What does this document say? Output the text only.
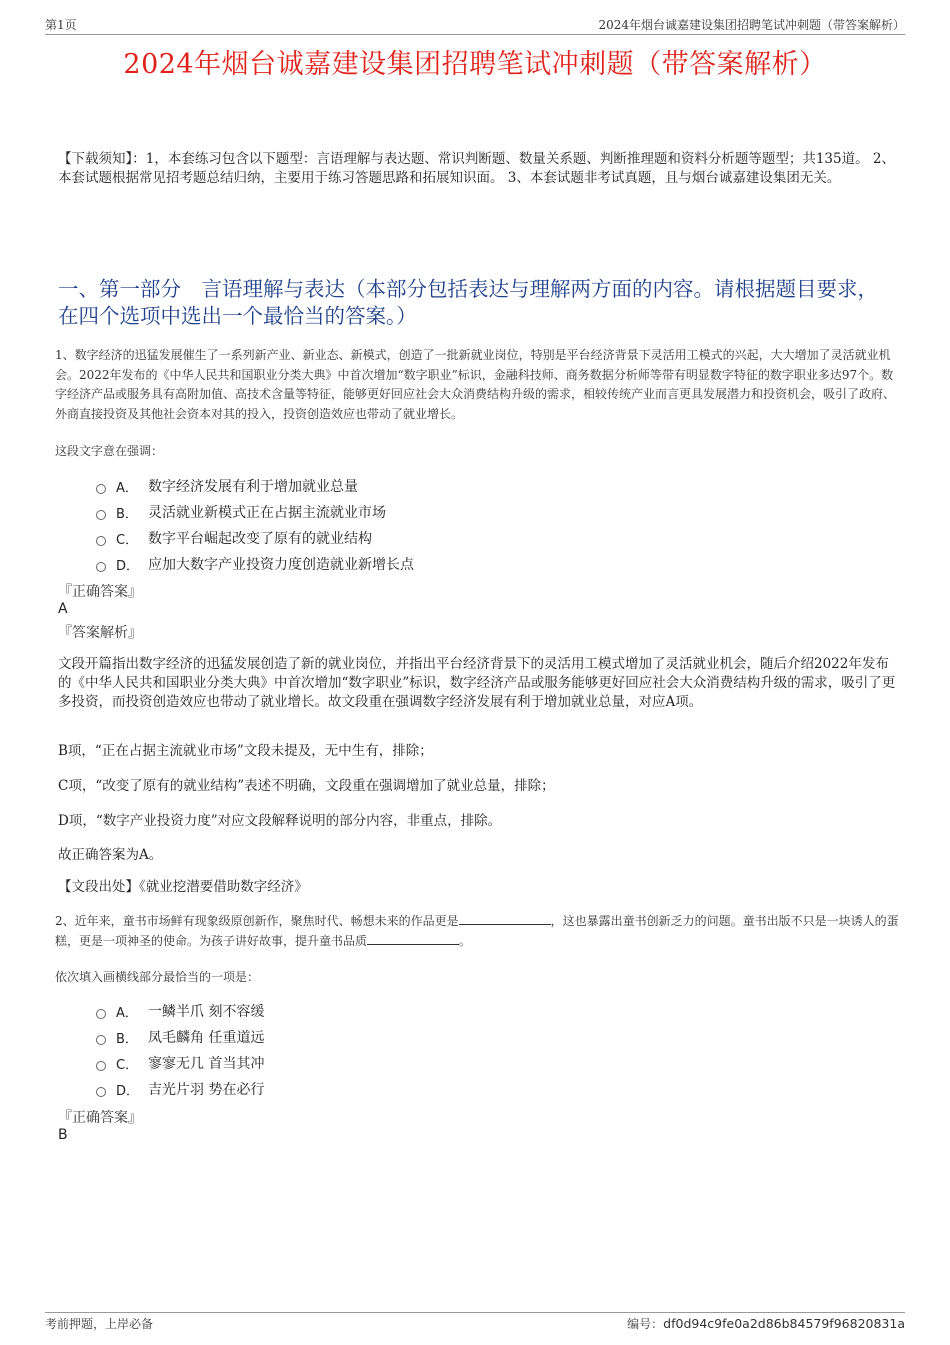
第1页	2024年烟台诚嘉建设集团招聘笔试冲刺题（带答案解析）
2024年烟台诚嘉建设集团招聘笔试冲刺题（带答案解析）
【下载须知】：1，本套练习包含以下题型：言语理解与表达题、常识判断题、数量关系题、判断推理题和资料分析题等题型；共135道。 2、本套试题根据常见招考题总结归纳，主要用于练习答题思路和拓展知识面。 3、本套试题非考试真题，且与烟台诚嘉建设集团无关。
一、第一部分　言语理解与表达（本部分包括表达与理解两方面的内容。请根据题目要求，在四个选项中选出一个最恰当的答案。）
1、数字经济的迅猛发展催生了一系列新产业、新业态、新模式，创造了一批新就业岗位，特别是平台经济背景下灵活用工模式的兴起，大大增加了灵活就业机会。2022年发布的《中华人民共和国职业分类大典》中首次增加“数字职业”标识，金融科技师、商务数据分析师等带有明显数字特征的数字职业多达97个。数字经济产品或服务具有高附加值、高技术含量等特征，能够更好回应社会大众消费结构升级的需求，相较传统产业而言更具发展潜力和投资机会，吸引了政府、外商直接投资及其他社会资本对其的投入，投资创造效应也带动了就业增长。
这段文字意在强调：
A． 数字经济发展有利于增加就业总量
B． 灵活就业新模式正在占据主流就业市场
C． 数字平台崛起改变了原有的就业结构
D． 应加大数字产业投资力度创造就业新增长点
『正确答案』
A
『答案解析』
文段开篇指出数字经济的迅猛发展创造了新的就业岗位，并指出平台经济背景下的灵活用工模式增加了灵活就业机会，随后介绍2022年发布的《中华人民共和国职业分类大典》中首次增加“数字职业”标识，数字经济产品或服务能够更好回应社会大众消费结构升级的需求，吸引了更多投资，而投资创造效应也带动了就业增长。故文段重在强调数字经济发展有利于增加就业总量，对应A项。
B项，“正在占据主流就业市场”文段未提及，无中生有，排除；
C项，“改变了原有的就业结构”表述不明确，文段重在强调增加了就业总量，排除；
D项，“数字产业投资力度”对应文段解释说明的部分内容，非重点，排除。
故正确答案为A。
【文段出处】《就业挖潜要借助数字经济》
2、近年来，童书市场鲜有现象级原创新作，聚焦时代、畅想未来的作品更是	，这也暴露出童书创新乏力的问题。童书出版不只是一块诱人的蛋糕，更是一项神圣的使命。为孩子讲好故事，提升童书品质	。
依次填入画横线部分最恰当的一项是：
A． 一鳞半爪 刻不容缓
B． 凤毛麟角 任重道远
C． 寥寥无几 首当其冲
D． 吉光片羽 势在必行
『正确答案』
B
考前押题，上岸必备	编号：df0d94c9fe0a2d86b84579f96820831a
